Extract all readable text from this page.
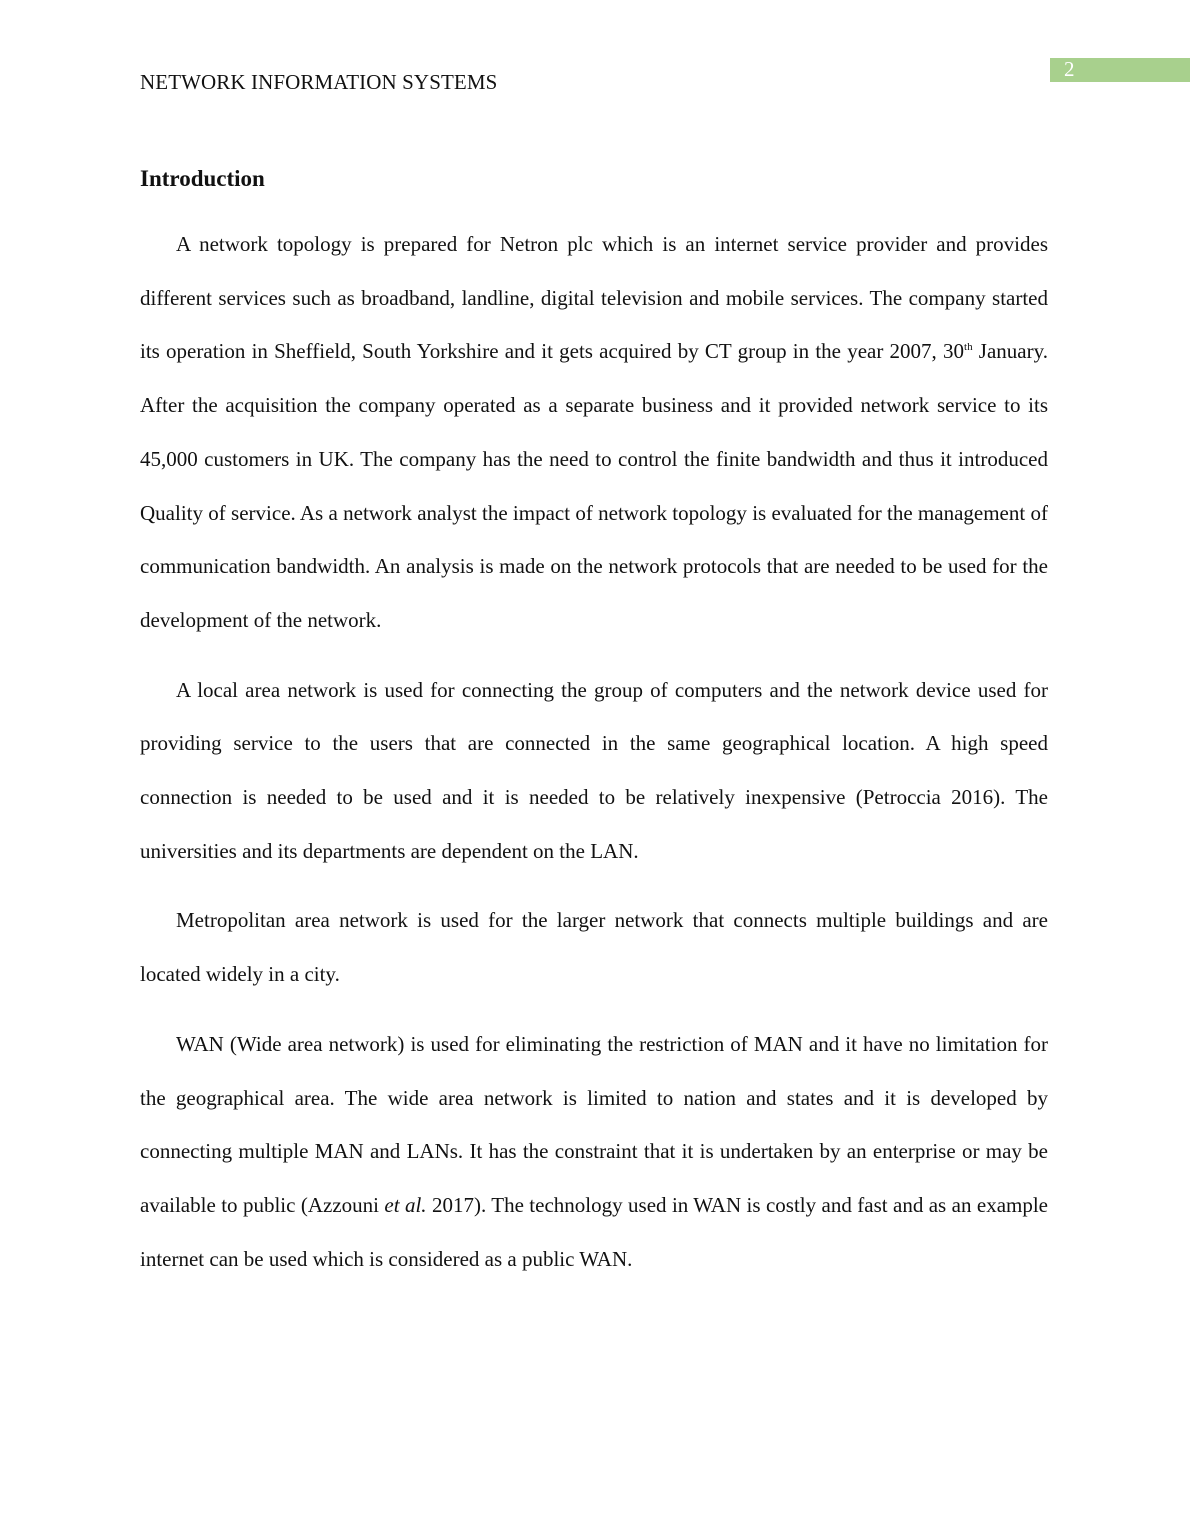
2
NETWORK INFORMATION SYSTEMS
Introduction

A network topology is prepared for Netron plc which is an internet service provider and provides different services such as broadband, landline, digital television and mobile services. The company started its operation in Sheffield, South Yorkshire and it gets acquired by CT group in the year 2007, 30th January. After the acquisition the company operated as a separate business and it provided network service to its 45,000 customers in UK. The company has the need to control the finite bandwidth and thus it introduced Quality of service. As a network analyst the impact of network topology is evaluated for the management of communication bandwidth. An analysis is made on the network protocols that are needed to be used for the development of the network.

A local area network is used for connecting the group of computers and the network device used for providing service to the users that are connected in the same geographical location. A high speed connection is needed to be used and it is needed to be relatively inexpensive (Petroccia 2016). The universities and its departments are dependent on the LAN.

Metropolitan area network is used for the larger network that connects multiple buildings and are located widely in a city.

WAN (Wide area network) is used for eliminating the restriction of MAN and it have no limitation for the geographical area. The wide area network is limited to nation and states and it is developed by connecting multiple MAN and LANs. It has the constraint that it is undertaken by an enterprise or may be available to public (Azzouni et al. 2017). The technology used in WAN is costly and fast and as an example internet can be used which is considered as a public WAN.
